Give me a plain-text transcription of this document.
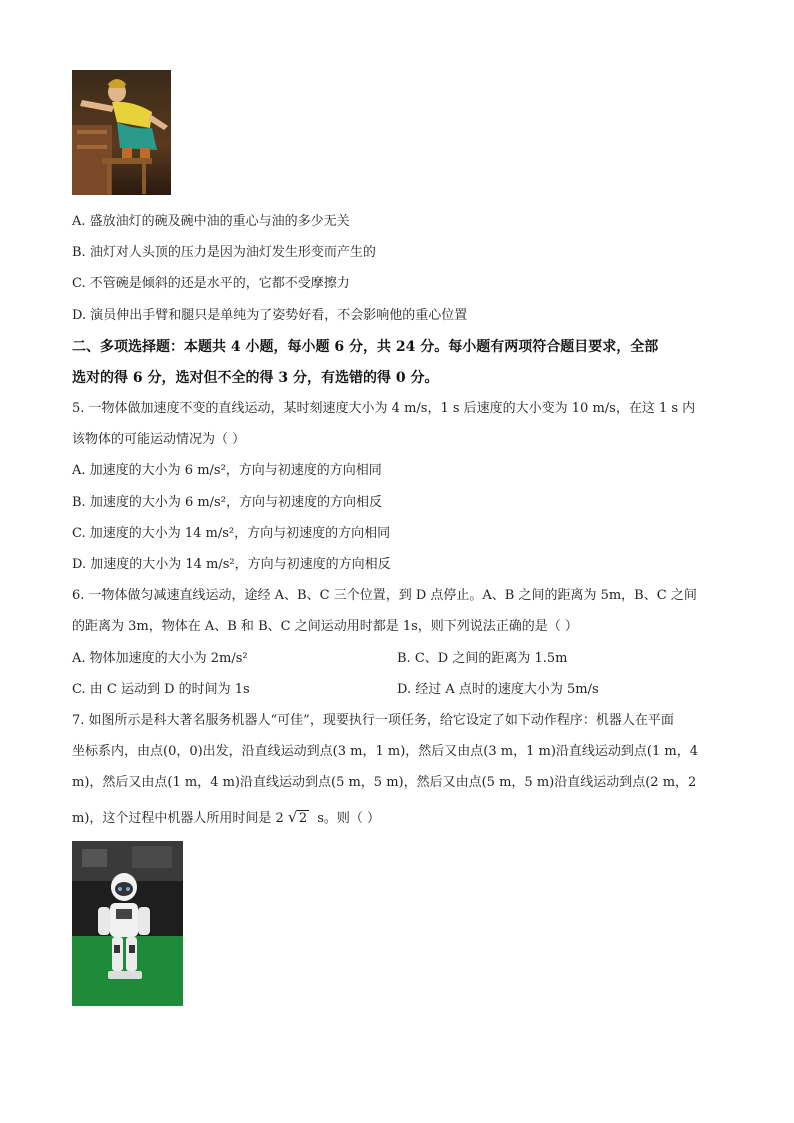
A. 盛放油灯的碗及碗中油的重心与油的多少无关
B. 油灯对人头顶的压力是因为油灯发生形变而产生的
C. 不管碗是倾斜的还是水平的，它都不受摩擦力
D. 演员伸出手臂和腿只是单纯为了姿势好看，不会影响他的重心位置
二、多项选择题：本题共 4 小题，每小题 6 分，共 24 分。每小题有两项符合题目要求，全部
选对的得 6 分，选对但不全的得 3 分，有选错的得 0 分。
5. 一物体做加速度不变的直线运动，某时刻速度大小为 4 m/s，1 s 后速度的大小变为 10 m/s，在这 1 s 内
该物体的可能运动情况为（ ）
A. 加速度的大小为 6 m/s²，方向与初速度的方向相同
B. 加速度的大小为 6 m/s²，方向与初速度的方向相反
C. 加速度的大小为 14 m/s²，方向与初速度的方向相同
D. 加速度的大小为 14 m/s²，方向与初速度的方向相反
6. 一物体做匀减速直线运动，途经 A、B、C 三个位置，到 D 点停止。A、B 之间的距离为 5m，B、C 之间
的距离为 3m，物体在 A、B 和 B、C 之间运动用时都是 1s，则下列说法正确的是（ ）
A. 物体加速度的大小为 2m/s²	B. C、D 之间的距离为 1.5m
C. 由 C 运动到 D 的时间为 1s	D. 经过 A 点时的速度大小为 5m/s
7. 如图所示是科大著名服务机器人“可佳”，现要执行一项任务，给它设定了如下动作程序：机器人在平面
坐标系内，由点(0，0)出发，沿直线运动到点(3 m，1 m)，然后又由点(3 m，1 m)沿直线运动到点(1 m，4
m)，然后又由点(1 m，4 m)沿直线运动到点(5 m，5 m)，然后又由点(5 m，5 m)沿直线运动到点(2 m，2
m)，这个过程中机器人所用时间是 2 √ 2 s。则（ ）
